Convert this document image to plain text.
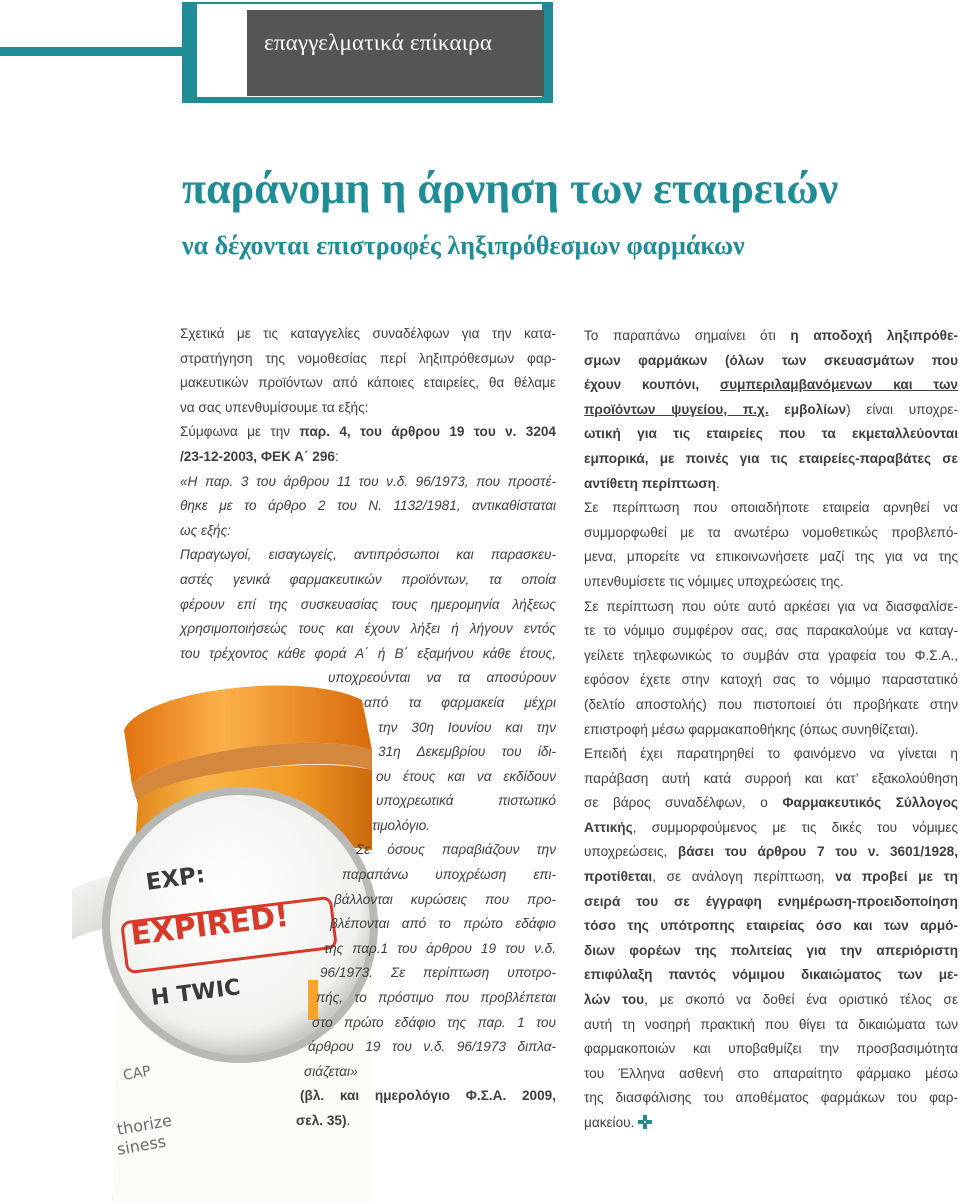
επαγγελματικά επίκαιρα
παράνομη η άρνηση των εταιρειών
να δέχονται επιστροφές ληξιπρόθεσμων φαρμάκων
EXP:
EXPIRED!
H TWIC
CAP
thorize
siness
Σχετικά με τις καταγγελίες συναδέλφων για την κατα-
στρατήγηση της νομοθεσίας περί ληξιπρόθεσμων φαρ-
μακευτικών προϊόντων από κάποιες εταιρείες, θα θέλαμε
να σας υπενθυμίσουμε τα εξής:
Σύμφωνα με την παρ. 4, του άρθρου 19 του ν. 3204
/23-12-2003, ΦΕΚ Α΄ 296:
«Η παρ. 3 του άρθρου 11 του ν.δ. 96/1973, που προστέ-
θηκε με το άρθρο 2 του Ν. 1132/1981, αντικαθίσταται
ως εξής:
Παραγωγοί, εισαγωγείς, αντιπρόσωποι και παρασκευ-
αστές γενικά φαρμακευτικών προϊόντων, τα οποία
φέρουν επί της συσκευασίας τους ημερομηνία λήξεως
χρησιμοποιήσεώς τους και έχουν λήξει ή λήγουν εντός
του τρέχοντος κάθε φορά Α΄ ή Β΄ εξαμήνου κάθε έτους,
υποχρεούνται να τα αποσύρουν
από τα φαρμακεία μέχρι
την 30η Ιουνίου και την
31η Δεκεμβρίου του ίδι-
ου έτους και να εκδίδουν
υποχρεωτικά πιστωτικό
τιμολόγιο.
Σε όσους παραβιάζουν την
παραπάνω υποχρέωση επι-
βάλλονται κυρώσεις που προ-
βλέπονται από το πρώτο εδάφιο
της παρ.1 του άρθρου 19 του ν.δ.
96/1973. Σε περίπτωση υποτρο-
πής, το πρόστιμο που προβλέπεται
στο πρώτο εδάφιο της παρ. 1 του
άρθρου 19 του ν.δ. 96/1973 διπλα-
σιάζεται»
(βλ. και ημερολόγιο Φ.Σ.Α. 2009,
σελ. 35).
Το παραπάνω σημαίνει ότι η αποδοχή ληξιπρόθε-
σμων φαρμάκων (όλων των σκευασμάτων που
έχουν κουπόνι, συμπεριλαμβανόμενων και των
προϊόντων ψυγείου, π.χ. εμβολίων) είναι υποχρε-
ωτική για τις εταιρείες που τα εκμεταλλεύονται
εμπορικά, με ποινές για τις εταιρείες-παραβάτες σε
αντίθετη περίπτωση.
Σε περίπτωση που οποιαδήποτε εταιρεία αρνηθεί να
συμμορφωθεί με τα ανωτέρω νομοθετικώς προβλεπό-
μενα, μπορείτε να επικοινωνήσετε μαζί της για να της
υπενθυμίσετε τις νόμιμες υποχρεώσεις της.
Σε περίπτωση που ούτε αυτό αρκέσει για να διασφαλίσε-
τε το νόμιμο συμφέρον σας, σας παρακαλούμε να καταγ-
γείλετε τηλεφωνικώς το συμβάν στα γραφεία του Φ.Σ.Α.,
εφόσον έχετε στην κατοχή σας το νόμιμο παραστατικό
(δελτίο αποστολής) που πιστοποιεί ότι προβήκατε στην
επιστροφή μέσω φαρμακαποθήκης (όπως συνηθίζεται).
Επειδή έχει παρατηρηθεί το φαινόμενο να γίνεται η
παράβαση αυτή κατά συρροή και κατ’ εξακολούθηση
σε βάρος συναδέλφων, ο Φαρμακευτικός Σύλλογος
Αττικής, συμμορφούμενος με τις δικές του νόμιμες
υποχρεώσεις, βάσει του άρθρου 7 του ν. 3601/1928,
προτίθεται, σε ανάλογη περίπτωση, να προβεί με τη
σειρά του σε έγγραφη ενημέρωση-προειδοποίηση
τόσο της υπότροπης εταιρείας όσο και των αρμό-
διων φορέων της πολιτείας για την απεριόριστη
επιφύλαξη παντός νόμιμου δικαιώματος των με-
λών του, με σκοπό να δοθεί ένα οριστικό τέλος σε
αυτή τη νοσηρή πρακτική που θίγει τα δικαιώματα των
φαρμακοποιών και υποβαθμίζει την προσβασιμότητα
του Έλληνα ασθενή στο απαραίτητο φάρμακο μέσω
της διασφάλισης του αποθέματος φαρμάκων του φαρ-
μακείου.
